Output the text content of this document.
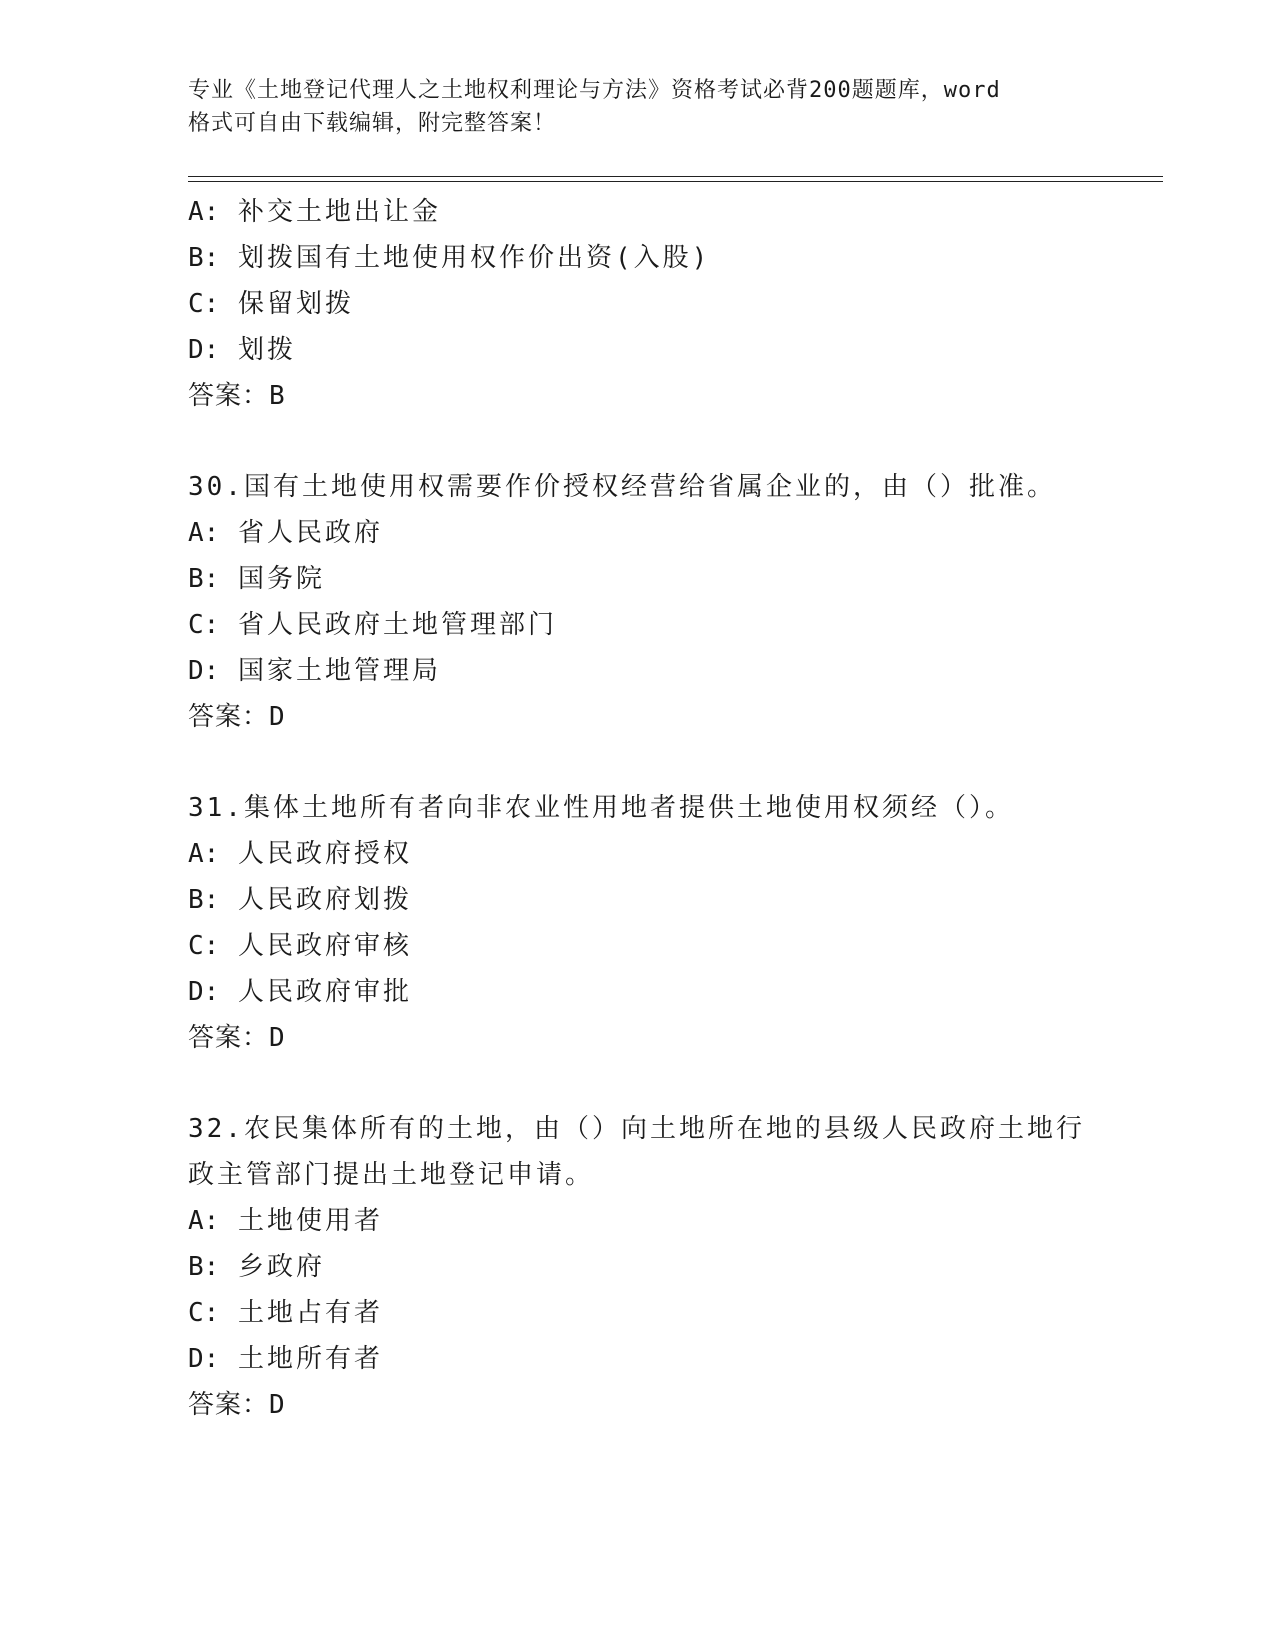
专业《土地登记代理人之土地权利理论与方法》资格考试必背200题题库，word
格式可自由下载编辑，附完整答案！
A: 补交土地出让金
B: 划拨国有土地使用权作价出资(入股)
C: 保留划拨
D: 划拨
答案：B
30.国有土地使用权需要作价授权经营给省属企业的，由（）批准。
A: 省人民政府
B: 国务院
C: 省人民政府土地管理部门
D: 国家土地管理局
答案：D
31.集体土地所有者向非农业性用地者提供土地使用权须经（）。
A: 人民政府授权
B: 人民政府划拨
C: 人民政府审核
D: 人民政府审批
答案：D
32.农民集体所有的土地，由（）向土地所在地的县级人民政府土地行
政主管部门提出土地登记申请。
A: 土地使用者
B: 乡政府
C: 土地占有者
D: 土地所有者
答案：D
